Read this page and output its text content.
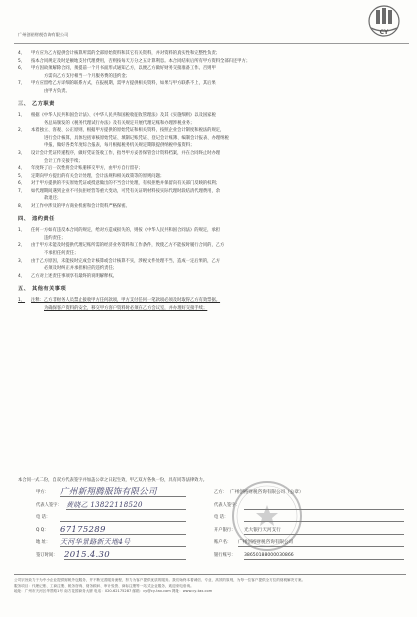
广州创裕财税咨询有限公司	CY
4、	甲方应为乙方提供会计核算所需的全部原始资料和其它有关资料，并对资料的真实性和完整性负责；
5、	按本合同规定及时足额地支付代理费用，否则按每天万分之五计算利息。本合同结束后所有甲方资料全部归还甲方；
6、	甲方因故须解除合同，须提前一个月书面形式通知乙方，以便乙方做好财务交接准备工作。否则甲
方需向乙方支付相当一个月服务费的违约金；
7、	甲方应留给乙方详细的联系方式，在报税期，需甲方提供相关资料，如果与甲方联系不上，其后果
由甲方负责。
三、 乙方职责
1、	根据《中华人民共和国会计法》、《中华人民共和国税收征收管理法》及其《实施细则》以及国家税
务总局颁发的《税务代理试行办法》及有关规定开展代理记账和办理涉税业务；
2、	本着独立、客观、公正原则，根据甲方提供的原始凭证和相关资料，按照企业会计制度和税法的规定，
进行会计核算，具体包括审核原始凭证、填制记账凭证、登记会计账簿、编制会计报表、办理纳税
申报，做好各类年度综合报表，每月根据税务机关规定期限提供纳税申报资料；
3、	设计会计凭证传递程序，做好凭证签收工作，指导甲方妥善保管会计资料档案，并在合同终止时办理
会计工作交接手续；
4、	年度终了后一次性将会计账册移交甲方，由甲方自行留存；
5、	定期向甲方提出的有关会计处理，会计法规和相关政策等的原则问题；
6、	对于甲方提供的不实原始凭证或授意做出的不当会计处理，有权拒绝并保留向有关部门反映的权利；
7、	如代理期间遇到企业不可抗拒经营等重大变动，可凭有关证明材料按实际代理时段结清代理费用，余
款退还；
8、	对工作中涉及的甲方商业机密和会计资料严格保密。
四、 违约责任
1、	任何一方如有违反本合同的规定，给对方造成损失的，则按《中华人民共和国合同法》的规定，承担
违约责任；
2、	由于甲方未能及时提供代理记账所需的经济业务资料和工作条件，致使乙方不能按时履行合同的，乙方
不承担任何责任；
3、	由于乙方原因，未能按时完成会计核算或会计核算不实，涉税文件处理不当，造成一定后果的，乙方
必须及时纠正并承担相应的违约责任；
4、	乙方对上述责任事项享有最终的说明解释权。
五、 其他有关事项
1、	注释：乙方非财务人员禁止接收甲方任何款项，甲方支付任何一笔款项必须及时取得乙方有效票据。
为确保客户资料的安全，移交甲方客户资料时必须在乙方会议室，并办理好交接手续；
本合同一式二份，自双方代表签字并加盖公章之日起生效，甲乙双方各执一份，具有同等法律效力。
甲方： 广州新翔腾服饰有限公司
代表人签字： 黄晓乙 13822118520
电 话：
Q Q： 67175289
地 址： 天河华景路新天地4号
签订时间： 2015.4.30
乙方： 广州创裕财税咨询有限公司（公章）
代表人签字：
电 话：
开户银行： 光大银行天河支行
账户名： 广州创裕财税咨询有限公司
银行账号： 38650188000030866
公司宗旨致力于为中小企业提供财税外包服务，并不断完善服务流程，努力为客户提供优质的服务。我们始终本着诚信、专业、高效的原则，为每一位客户提供全方位的财税解决方案。
服务项目：代理记账、工商注册、税务咨询、财务顾问、审计验资、商标注册等一站式企业服务，欢迎来电垂询。
地址：广州市天河区华景路1号 南方花园商务大厦 电话：020-62175287 邮箱：cy@cy-tax.com 网址：www.cy-tax.com
